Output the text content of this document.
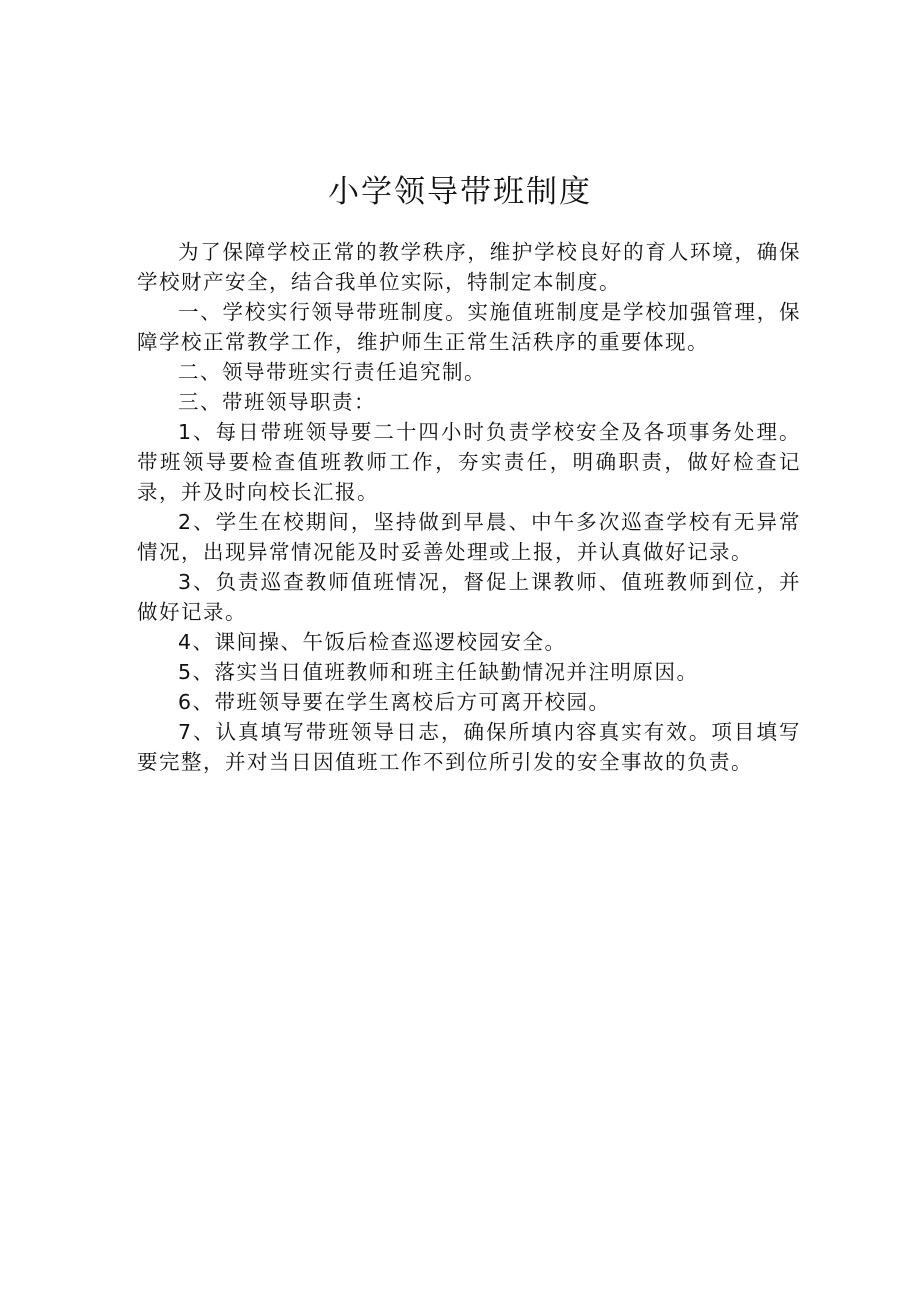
小学领导带班制度

为了保障学校正常的教学秩序，维护学校良好的育人环境，确保学校财产安全，结合我单位实际，特制定本制度。

一、学校实行领导带班制度。实施值班制度是学校加强管理，保障学校正常教学工作，维护师生正常生活秩序的重要体现。

二、领导带班实行责任追究制。

三、带班领导职责：

1、每日带班领导要二十四小时负责学校安全及各项事务处理。带班领导要检查值班教师工作，夯实责任，明确职责，做好检查记录，并及时向校长汇报。

2、学生在校期间，坚持做到早晨、中午多次巡查学校有无异常情况，出现异常情况能及时妥善处理或上报，并认真做好记录。

3、负责巡查教师值班情况，督促上课教师、值班教师到位，并做好记录。

4、课间操、午饭后检查巡逻校园安全。

5、落实当日值班教师和班主任缺勤情况并注明原因。

6、带班领导要在学生离校后方可离开校园。

7、认真填写带班领导日志，确保所填内容真实有效。项目填写要完整，并对当日因值班工作不到位所引发的安全事故的负责。
